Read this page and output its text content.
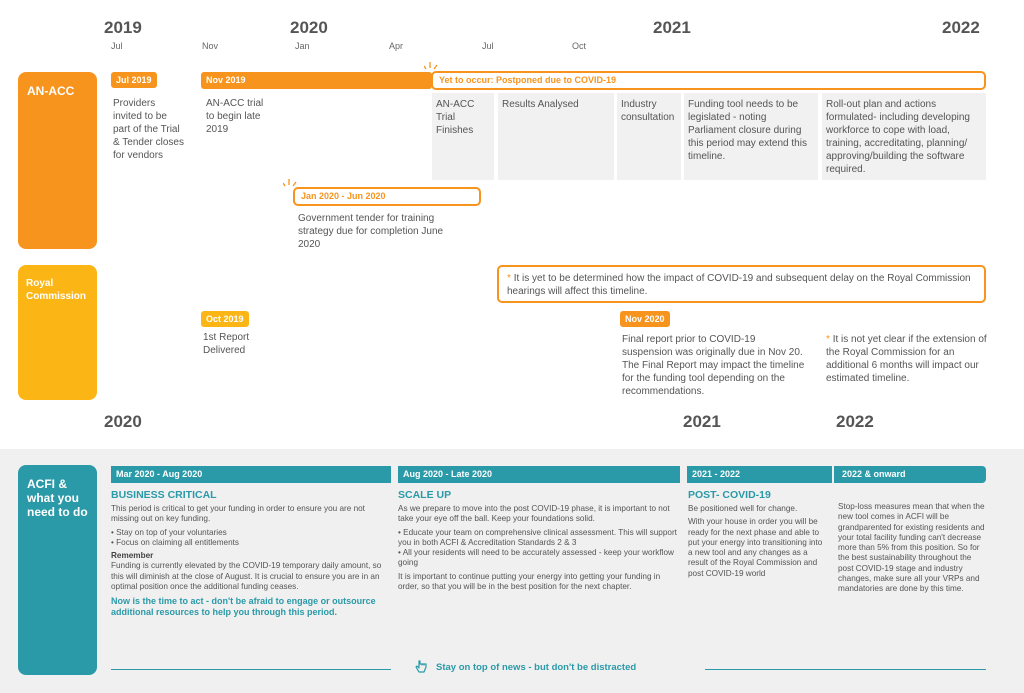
2019	2020	2021	2022
Jul	Nov	Jan	Apr	Jul	Oct
AN-ACC
Jul 2019	Nov 2019	Yet to occur: Postponed due to COVID-19
Providers invited to be part of the Trial & Tender closes for vendors
AN-ACC trial to begin late 2019
AN-ACC Trial Finishes
Results Analysed	Industry consultation
Funding tool needs to be legislated - noting Parliament closure during this period may extend this timeline.
Roll-out plan and actions formulated- including developing workforce to cope with load, training, accreditating, planning/ approving/building the software required.
Jan 2020 - Jun 2020
Government tender for training strategy due for completion June 2020
Royal Commission
* It is yet to be determined how the impact of COVID-19 and subsequent delay on the Royal Commission hearings will affect this timeline.
Oct 2019
1st Report Delivered
Nov 2020
Final report prior to COVID-19 suspension was originally due in Nov 20. The Final Report may impact the timeline for the funding tool depending on the recommendations.
* It is not yet clear if the extension of the Royal Commission for an additional 6 months will impact our estimated timeline.
2020	2021	2022
ACFI & what you need to do
Mar 2020 - Aug 2020	Aug 2020 - Late 2020	2021 - 2022	2022 & onward
BUSINESS CRITICAL
This period is critical to get your funding in order to ensure you are not missing out on key funding.
• Stay on top of your voluntaries
• Focus on claiming all entitlements
Remember
Funding is currently elevated by the COVID-19 temporary daily amount, so this will diminish at the close of August. It is crucial to ensure you are in an optimal position once the additional funding ceases.
Now is the time to act - don't be afraid to engage or outsource additional resources to help you through this period.
SCALE UP
As we prepare to move into the post COVID-19 phase, it is important to not take your eye off the ball. Keep your foundations solid.
• Educate your team on comprehensive clinical assessment. This will support you in both ACFI & Accreditation Standards 2 & 3
• All your residents will need to be accurately assessed - keep your workflow going
It is important to continue putting your energy into getting your funding in order, so that you will be in the best position for the next chapter.
POST- COVID-19
Be positioned well for change.
With your house in order you will be ready for the next phase and able to put your energy into transitioning into a new tool and any changes as a result of the Royal Commission and post COVID-19 world
Stop-loss measures mean that when the new tool comes in ACFI will be grandparented for existing residents and your total facility funding can't decrease more than 5% from this position. So for the best sustainability throughout the post COVID-19 stage and industry changes, make sure all your VRPs and mandatories are done by this time.
Stay on top of news - but don't be distracted
